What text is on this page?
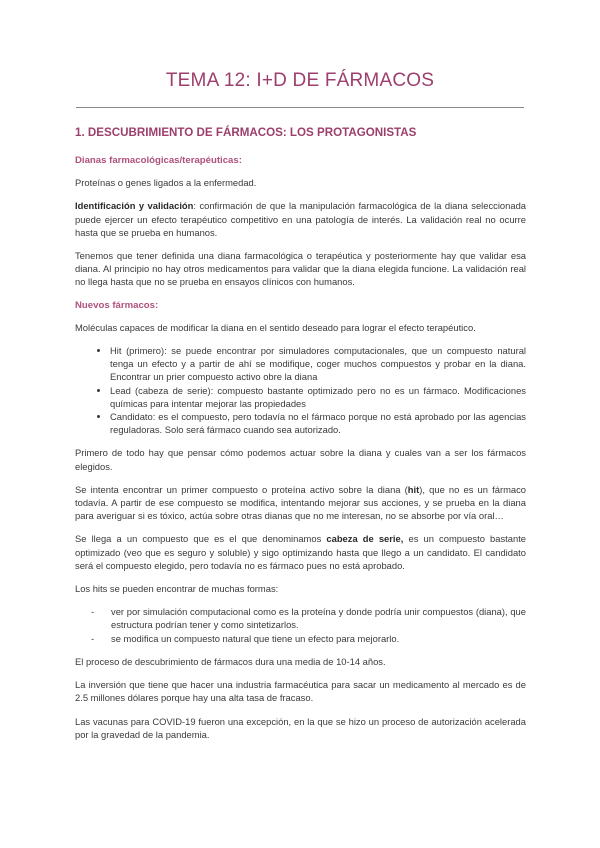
TEMA 12: I+D DE FÁRMACOS
1. DESCUBRIMIENTO DE FÁRMACOS: LOS PROTAGONISTAS
Dianas farmacológicas/terapéuticas:

Proteínas o genes ligados a la enfermedad.

Identificación y validación: confirmación de que la manipulación farmacológica de la diana seleccionada puede ejercer un efecto terapéutico competitivo en una patología de interés. La validación real no ocurre hasta que se prueba en humanos.

Tenemos que tener definida una diana farmacológica o terapéutica y posteriormente hay que validar esa diana. Al principio no hay otros medicamentos para validar que la diana elegida funcione. La validación real no llega hasta que no se prueba en ensayos clínicos con humanos.

Nuevos fármacos:

Moléculas capaces de modificar la diana en el sentido deseado para lograr el efecto terapéutico.

• Hit (primero): se puede encontrar por simuladores computacionales, que un compuesto natural tenga un efecto y a partir de ahí se modifique, coger muchos compuestos y probar en la diana. Encontrar un prier compuesto activo obre la diana
• Lead (cabeza de serie): compuesto bastante optimizado pero no es un fármaco. Modificaciones químicas para intentar mejorar las propiedades
• Candidato: es el compuesto, pero todavía no el fármaco porque no está aprobado por las agencias reguladoras. Solo será fármaco cuando sea autorizado.

Primero de todo hay que pensar cómo podemos actuar sobre la diana y cuales van a ser los fármacos elegidos.

Se intenta encontrar un primer compuesto o proteína activo sobre la diana (hit), que no es un fármaco todavía. A partir de ese compuesto se modifica, intentando mejorar sus acciones, y se prueba en la diana para averiguar si es tóxico, actúa sobre otras dianas que no me interesan, no se absorbe por vía oral…

Se llega a un compuesto que es el que denominamos cabeza de serie, es un compuesto bastante optimizado (veo que es seguro y soluble) y sigo optimizando hasta que llego a un candidato. El candidato será el compuesto elegido, pero todavía no es fármaco pues no está aprobado.

Los hits se pueden encontrar de muchas formas:

- ver por simulación computacional como es la proteína y donde podría unir compuestos (diana), que estructura podrían tener y como sintetizarlos.
- se modifica un compuesto natural que tiene un efecto para mejorarlo.

El proceso de descubrimiento de fármacos dura una media de 10-14 años.

La inversión que tiene que hacer una industria farmacéutica para sacar un medicamento al mercado es de 2.5 millones dólares porque hay una alta tasa de fracaso.

Las vacunas para COVID-19 fueron una excepción, en la que se hizo un proceso de autorización acelerada por la gravedad de la pandemia.
